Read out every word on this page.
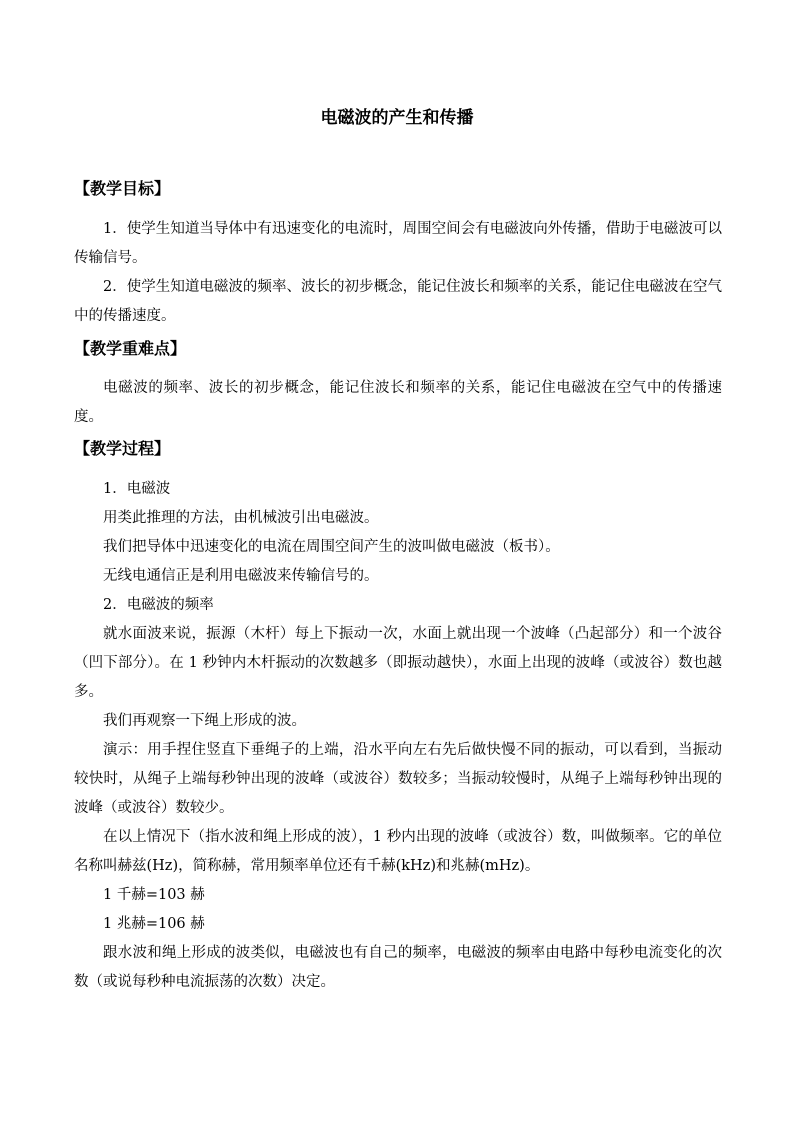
电磁波的产生和传播
【教学目标】

1．使学生知道当导体中有迅速变化的电流时，周围空间会有电磁波向外传播，借助于电磁波可以传输信号。

2．使学生知道电磁波的频率、波长的初步概念，能记住波长和频率的关系，能记住电磁波在空气中的传播速度。

【教学重难点】

电磁波的频率、波长的初步概念，能记住波长和频率的关系，能记住电磁波在空气中的传播速度。

【教学过程】

1．电磁波

用类此推理的方法，由机械波引出电磁波。

我们把导体中迅速变化的电流在周围空间产生的波叫做电磁波（板书）。

无线电通信正是利用电磁波来传输信号的。

2．电磁波的频率

就水面波来说，振源（木杆）每上下振动一次，水面上就出现一个波峰（凸起部分）和一个波谷（凹下部分）。在 1 秒钟内木杆振动的次数越多（即振动越快），水面上出现的波峰（或波谷）数也越多。

我们再观察一下绳上形成的波。

演示：用手捏住竖直下垂绳子的上端，沿水平向左右先后做快慢不同的振动，可以看到，当振动较快时，从绳子上端每秒钟出现的波峰（或波谷）数较多；当振动较慢时，从绳子上端每秒钟出现的波峰（或波谷）数较少。

在以上情况下（指水波和绳上形成的波），1 秒内出现的波峰（或波谷）数，叫做频率。它的单位名称叫赫兹(Hz)，简称赫，常用频率单位还有千赫(kHz)和兆赫(mHz)。

1 千赫=103 赫

1 兆赫=106 赫

跟水波和绳上形成的波类似，电磁波也有自己的频率，电磁波的频率由电路中每秒电流变化的次数（或说每秒种电流振荡的次数）决定。
